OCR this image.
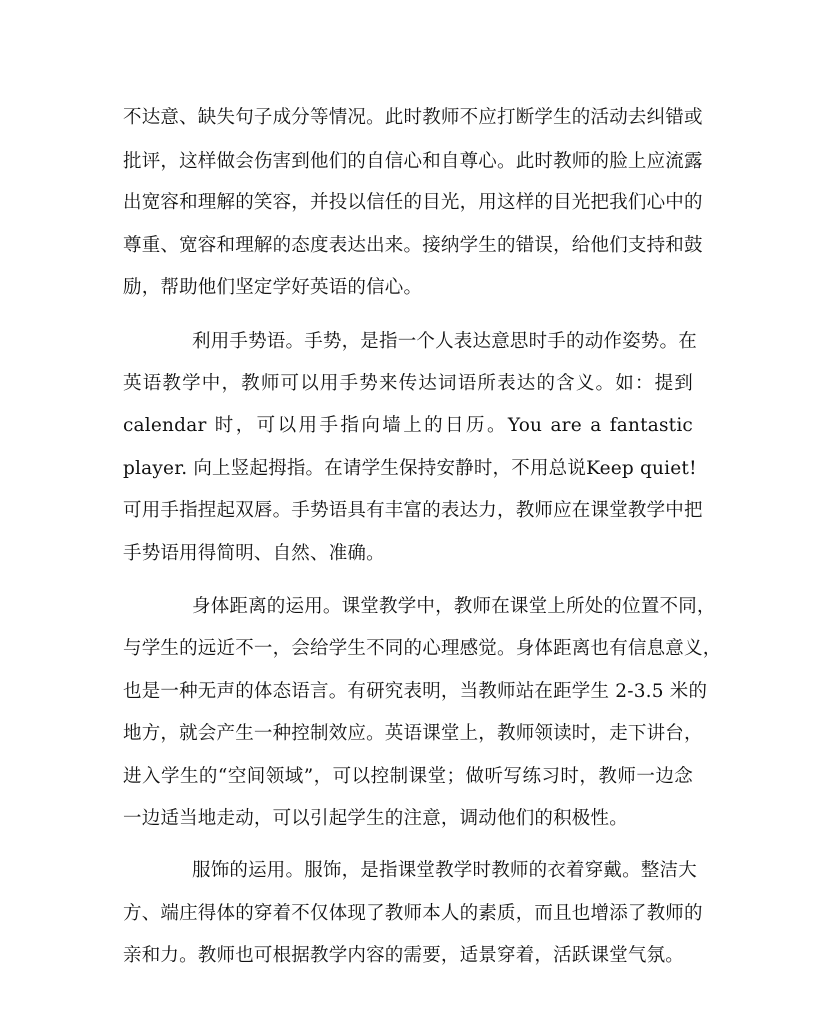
不达意、缺失句子成分等情况。此时教师不应打断学生的活动去纠错或
批评，这样做会伤害到他们的自信心和自尊心。此时教师的脸上应流露
出宽容和理解的笑容，并投以信任的目光，用这样的目光把我们心中的
尊重、宽容和理解的态度表达出来。接纳学生的错误，给他们支持和鼓
励，帮助他们坚定学好英语的信心。
利用手势语。手势，是指一个人表达意思时手的动作姿势。在
英语教学中，教师可以用手势来传达词语所表达的含义。如：提到
calendar 时，可以用手指向墙上的日历。You are a fantastic
player. 向上竖起拇指。在请学生保持安静时，不用总说Keep quiet!
可用手指捏起双唇。手势语具有丰富的表达力，教师应在课堂教学中把
手势语用得简明、自然、准确。
身体距离的运用。课堂教学中，教师在课堂上所处的位置不同，
与学生的远近不一，会给学生不同的心理感觉。身体距离也有信息意义，
也是一种无声的体态语言。有研究表明，当教师站在距学生 2-3.5 米的
地方，就会产生一种控制效应。英语课堂上，教师领读时，走下讲台，
进入学生的“空间领域”，可以控制课堂；做听写练习时，教师一边念
一边适当地走动，可以引起学生的注意，调动他们的积极性。
服饰的运用。服饰，是指课堂教学时教师的衣着穿戴。整洁大
方、端庄得体的穿着不仅体现了教师本人的素质，而且也增添了教师的
亲和力。教师也可根据教学内容的需要，适景穿着，活跃课堂气氛。
